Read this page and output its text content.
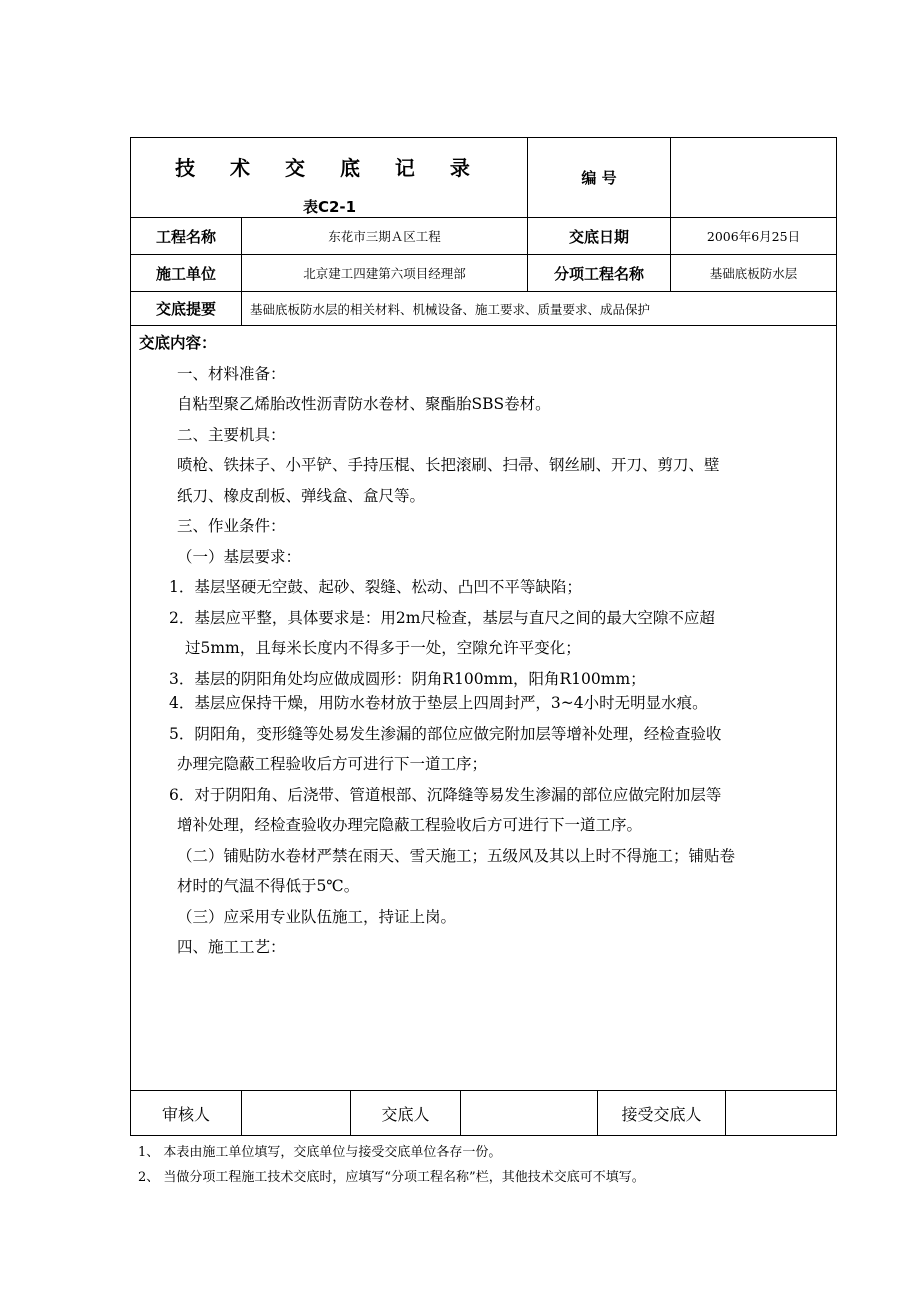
技 术 交 底 记 录
表C2-1
编 号
工程名称	东花市三期Ａ区工程	交底日期	2006年6月25日
施工单位	北京建工四建第六项目经理部	分项工程名称	基础底板防水层
交底提要	基础底板防水层的相关材料、机械设备、施工要求、质量要求、成品保护

交底内容：

一、材料准备：

自粘型聚乙烯胎改性沥青防水卷材、聚酯胎SBS卷材。

二、主要机具：

喷枪、铁抹子、小平铲、手持压棍、长把滚刷、扫帚、钢丝刷、开刀、剪刀、壁

纸刀、橡皮刮板、弹线盒、盒尺等。

三、作业条件：

（一）基层要求：

1．基层坚硬无空鼓、起砂、裂缝、松动、凸凹不平等缺陷；

2．基层应平整，具体要求是：用2m尺检查，基层与直尺之间的最大空隙不应超

过5mm，且每米长度内不得多于一处，空隙允许平变化；

3．基层的阴阳角处均应做成圆形：阴角R100mm，阳角R100mm；

4．基层应保持干燥，用防水卷材放于垫层上四周封严，3~4小时无明显水痕。

5．阴阳角，变形缝等处易发生渗漏的部位应做完附加层等增补处理，经检查验收

办理完隐蔽工程验收后方可进行下一道工序；

6．对于阴阳角、后浇带、管道根部、沉降缝等易发生渗漏的部位应做完附加层等

增补处理，经检查验收办理完隐蔽工程验收后方可进行下一道工序。

（二）铺贴防水卷材严禁在雨天、雪天施工；五级风及其以上时不得施工；铺贴卷

材时的气温不得低于5℃。

（三）应采用专业队伍施工，持证上岗。

四、施工工艺：

审核人	交底人	接受交底人
1、 本表由施工单位填写，交底单位与接受交底单位各存一份。
2、 当做分项工程施工技术交底时，应填写“分项工程名称”栏，其他技术交底可不填写。
